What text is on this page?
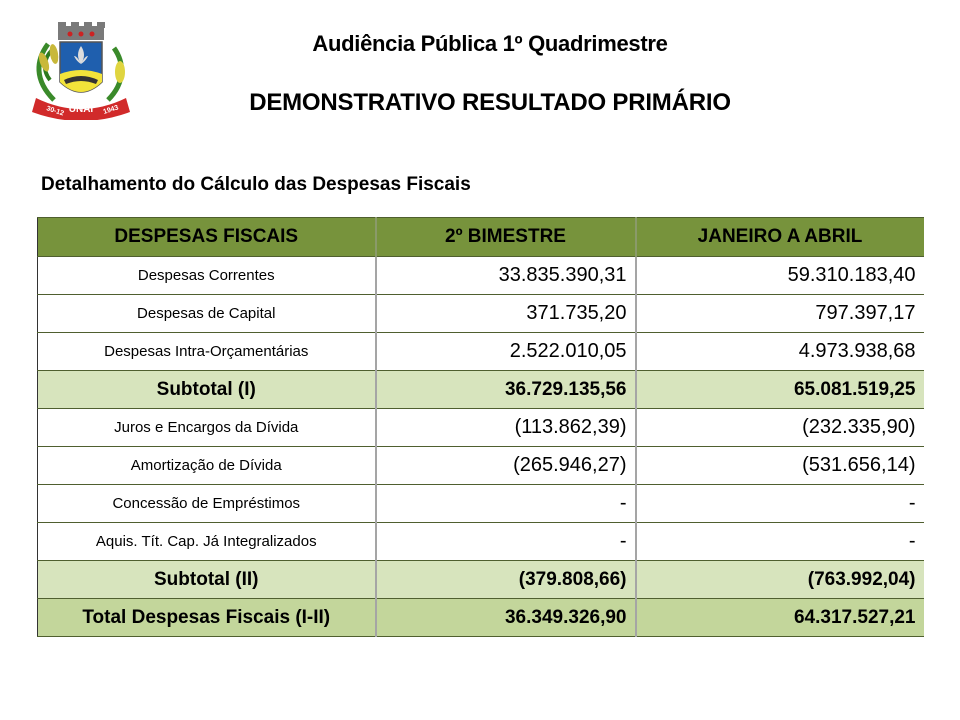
UNAÍ
30-12	1943
Audiência Pública 1º Quadrimestre
DEMONSTRATIVO RESULTADO PRIMÁRIO
Detalhamento do Cálculo das Despesas Fiscais
DESPESAS FISCAIS	2º BIMESTRE	JANEIRO A ABRIL
Despesas Correntes	33.835.390,31	59.310.183,40
Despesas de Capital	371.735,20	797.397,17
Despesas Intra-Orçamentárias	2.522.010,05	4.973.938,68
Subtotal (I)	36.729.135,56	65.081.519,25
Juros e Encargos da Dívida	(113.862,39)	(232.335,90)
Amortização de Dívida	(265.946,27)	(531.656,14)
Concessão de Empréstimos	-	-
Aquis. Tít. Cap. Já Integralizados	-	-
Subtotal (II)	(379.808,66)	(763.992,04)
Total Despesas Fiscais (I-II)	36.349.326,90	64.317.527,21
